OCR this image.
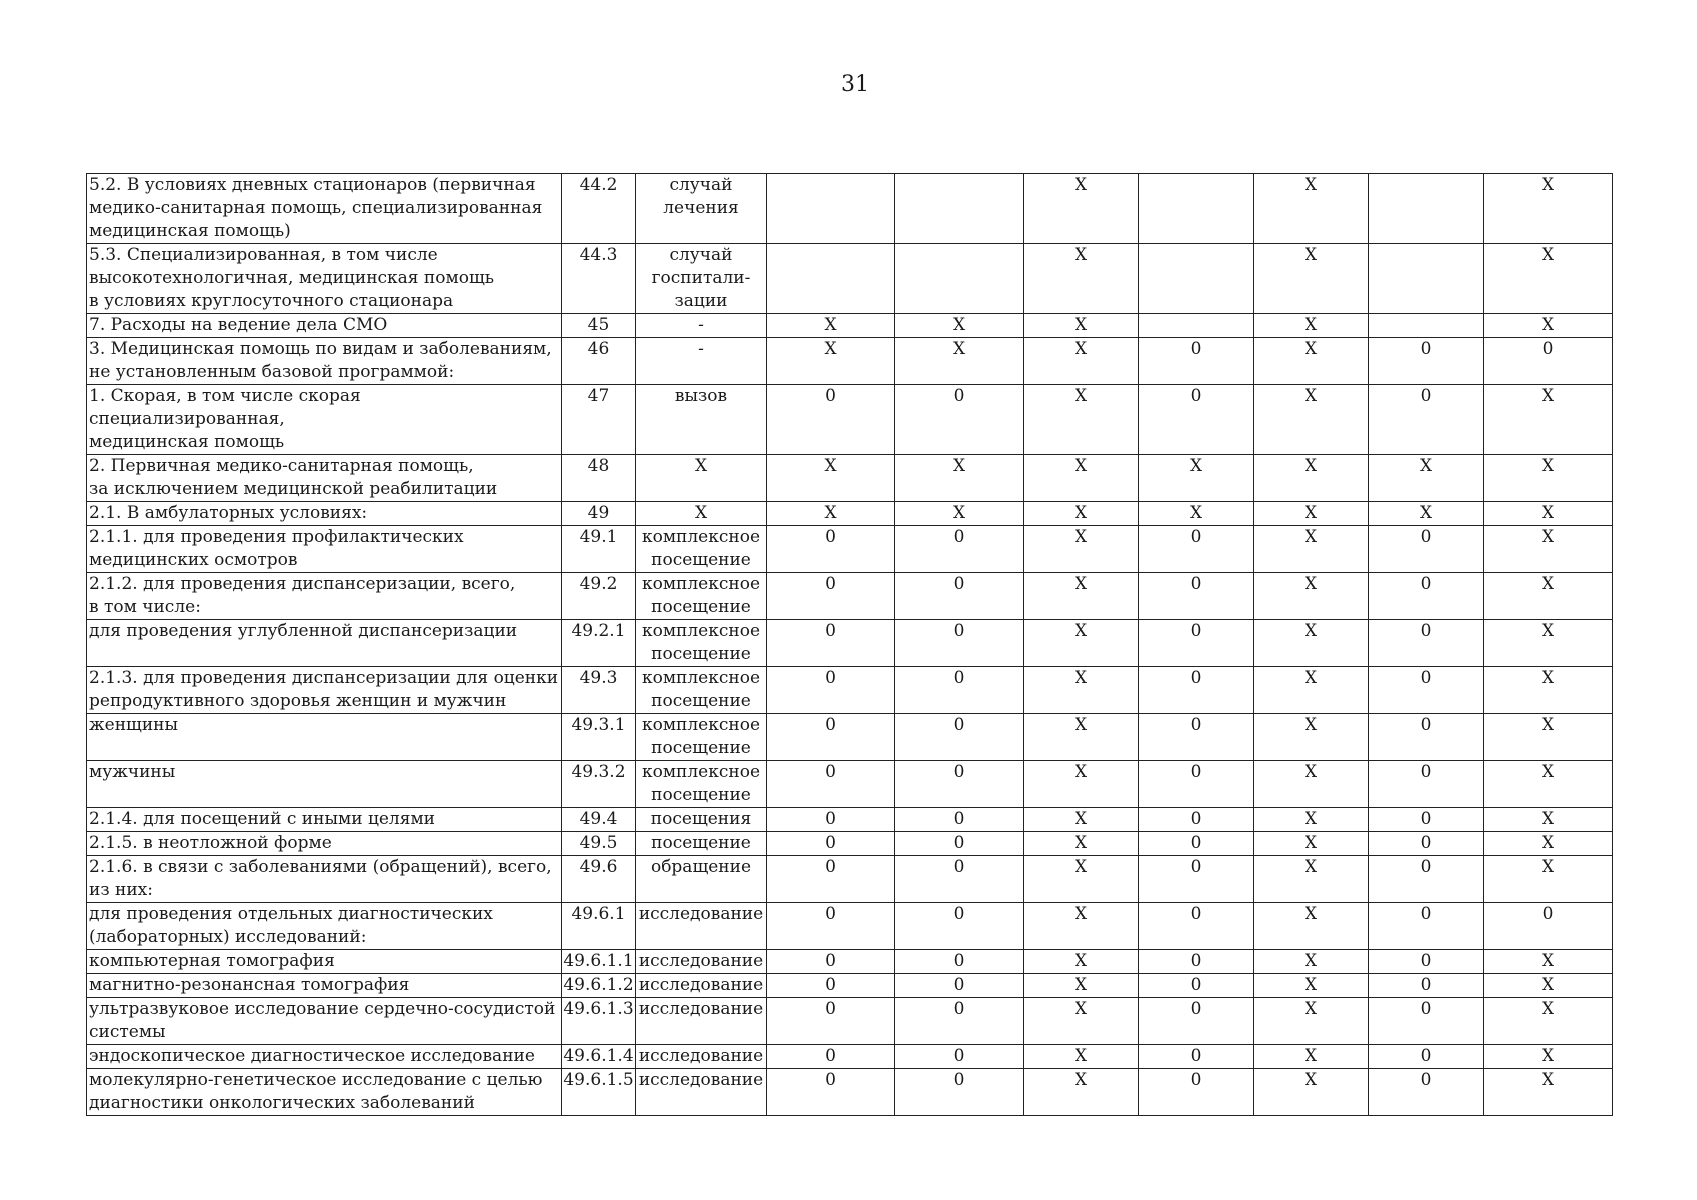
31
5.2. В условиях дневных стационаров (первичная
медико-санитарная помощь, специализированная
медицинская помощь)	44.2	случай
лечения			X		X		X
5.3. Специализированная, в том числе
высокотехнологичная, медицинская помощь
в условиях круглосуточного стационара	44.3	случай
госпитали-
зации			X		X		X
7. Расходы на ведение дела СМО	45	-	X	X	X		X		X
3. Медицинская помощь по видам и заболеваниям,
не установленным базовой программой:	46	-	X	X	X	0	X	0	0
1. Скорая, в том числе скорая специализированная,
медицинская помощь	47	вызов	0	0	X	0	X	0	X
2. Первичная медико-санитарная помощь,
за исключением медицинской реабилитации	48	X	X	X	X	X	X	X	X
2.1. В амбулаторных условиях:	49	X	X	X	X	X	X	X	X
2.1.1. для проведения профилактических
медицинских осмотров	49.1	комплексное
посещение	0	0	X	0	X	0	X
2.1.2. для проведения диспансеризации, всего,
в том числе:	49.2	комплексное
посещение	0	0	X	0	X	0	X
для проведения углубленной диспансеризации	49.2.1	комплексное
посещение	0	0	X	0	X	0	X
2.1.3. для проведения диспансеризации для оценки
репродуктивного здоровья женщин и мужчин	49.3	комплексное
посещение	0	0	X	0	X	0	X
женщины	49.3.1	комплексное
посещение	0	0	X	0	X	0	X
мужчины	49.3.2	комплексное
посещение	0	0	X	0	X	0	X
2.1.4. для посещений с иными целями	49.4	посещения	0	0	X	0	X	0	X
2.1.5. в неотложной форме	49.5	посещение	0	0	X	0	X	0	X
2.1.6. в связи с заболеваниями (обращений), всего,
из них:	49.6	обращение	0	0	X	0	X	0	X
для проведения отдельных диагностических
(лабораторных) исследований:	49.6.1	исследование	0	0	X	0	X	0	0
компьютерная томография	49.6.1.1	исследование	0	0	X	0	X	0	X
магнитно-резонансная томография	49.6.1.2	исследование	0	0	X	0	X	0	X
ультразвуковое исследование сердечно-сосудистой
системы	49.6.1.3	исследование	0	0	X	0	X	0	X
эндоскопическое диагностическое исследование	49.6.1.4	исследование	0	0	X	0	X	0	X
молекулярно-генетическое исследование с целью
диагностики онкологических заболеваний	49.6.1.5	исследование	0	0	X	0	X	0	X
